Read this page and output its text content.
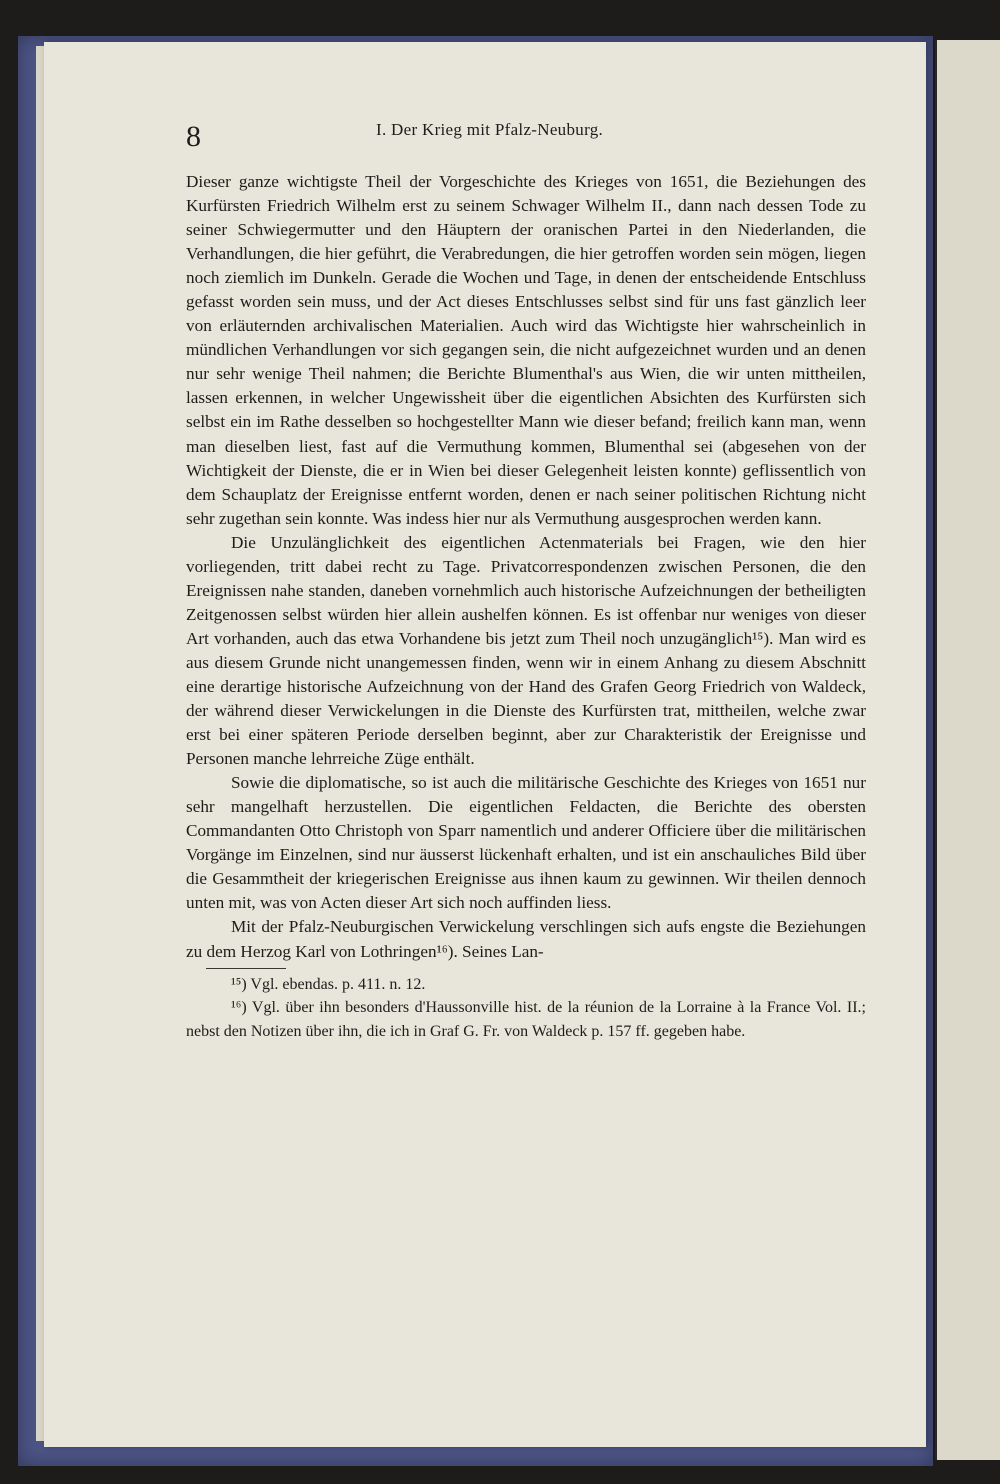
8	I. Der Krieg mit Pfalz-Neuburg.

Dieser ganze wichtigste Theil der Vorgeschichte des Krieges von 1651, die Beziehungen des Kurfürsten Friedrich Wilhelm erst zu seinem Schwager Wilhelm II., dann nach dessen Tode zu seiner Schwiegermutter und den Häuptern der oranischen Partei in den Niederlanden, die Verhandlungen, die hier geführt, die Verabredungen, die hier getroffen worden sein mögen, liegen noch ziemlich im Dunkeln. Gerade die Wochen und Tage, in denen der entscheidende Entschluss gefasst worden sein muss, und der Act dieses Entschlusses selbst sind für uns fast gänzlich leer von erläuternden archivalischen Materialien. Auch wird das Wichtigste hier wahrscheinlich in mündlichen Verhandlungen vor sich gegangen sein, die nicht aufgezeichnet wurden und an denen nur sehr wenige Theil nahmen; die Berichte Blumenthal's aus Wien, die wir unten mittheilen, lassen erkennen, in welcher Ungewissheit über die eigentlichen Absichten des Kurfürsten sich selbst ein im Rathe desselben so hochgestellter Mann wie dieser befand; freilich kann man, wenn man dieselben liest, fast auf die Vermuthung kommen, Blumenthal sei (abgesehen von der Wichtigkeit der Dienste, die er in Wien bei dieser Gelegenheit leisten konnte) geflissentlich von dem Schauplatz der Ereignisse entfernt worden, denen er nach seiner politischen Richtung nicht sehr zugethan sein konnte. Was indess hier nur als Vermuthung ausgesprochen werden kann.

Die Unzulänglichkeit des eigentlichen Actenmaterials bei Fragen, wie den hier vorliegenden, tritt dabei recht zu Tage. Privatcorrespondenzen zwischen Personen, die den Ereignissen nahe standen, daneben vornehmlich auch historische Aufzeichnungen der betheiligten Zeitgenossen selbst würden hier allein aushelfen können. Es ist offenbar nur weniges von dieser Art vorhanden, auch das etwa Vorhandene bis jetzt zum Theil noch unzugänglich¹⁵). Man wird es aus diesem Grunde nicht unangemessen finden, wenn wir in einem Anhang zu diesem Abschnitt eine derartige historische Aufzeichnung von der Hand des Grafen Georg Friedrich von Waldeck, der während dieser Verwickelungen in die Dienste des Kurfürsten trat, mittheilen, welche zwar erst bei einer späteren Periode derselben beginnt, aber zur Charakteristik der Ereignisse und Personen manche lehrreiche Züge enthält.

Sowie die diplomatische, so ist auch die militärische Geschichte des Krieges von 1651 nur sehr mangelhaft herzustellen. Die eigentlichen Feldacten, die Berichte des obersten Commandanten Otto Christoph von Sparr namentlich und anderer Officiere über die militärischen Vorgänge im Einzelnen, sind nur äusserst lückenhaft erhalten, und ist ein anschauliches Bild über die Gesammtheit der kriegerischen Ereignisse aus ihnen kaum zu gewinnen. Wir theilen dennoch unten mit, was von Acten dieser Art sich noch auffinden liess.

Mit der Pfalz-Neuburgischen Verwickelung verschlingen sich aufs engste die Beziehungen zu dem Herzog Karl von Lothringen¹⁶). Seines Lan-

¹⁵) Vgl. ebendas. p. 411. n. 12.

¹⁶) Vgl. über ihn besonders d'Haussonville hist. de la réunion de la Lorraine à la France Vol. II.; nebst den Notizen über ihn, die ich in Graf G. Fr. von Waldeck p. 157 ff. gegeben habe.
